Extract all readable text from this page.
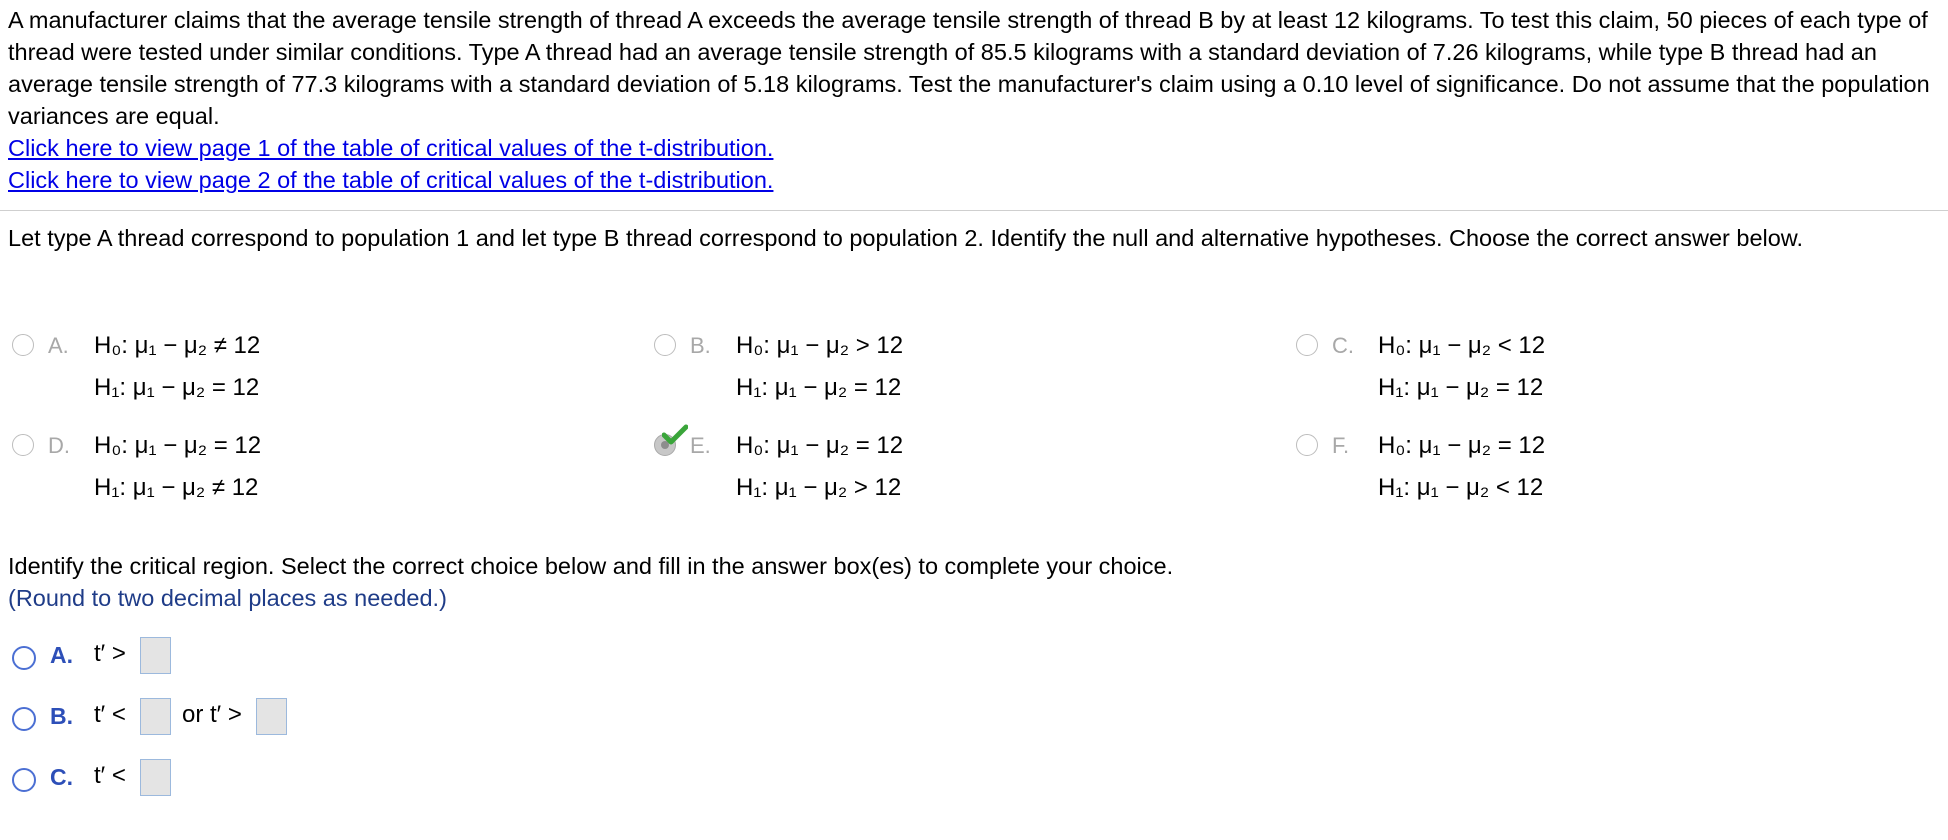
A manufacturer claims that the average tensile strength of thread A exceeds the average tensile strength of thread B by at least 12 kilograms. To test this claim, 50 pieces of each type of thread were tested under similar conditions. Type A thread had an average tensile strength of 85.5 kilograms with a standard deviation of 7.26 kilograms, while type B thread had an average tensile strength of 77.3 kilograms with a standard deviation of 5.18 kilograms. Test the manufacturer's claim using a 0.10 level of significance. Do not assume that the population variances are equal.

Click here to view page 1 of the table of critical values of the t-distribution.
Click here to view page 2 of the table of critical values of the t-distribution.
Let type A thread correspond to population 1 and let type B thread correspond to population 2. Identify the null and alternative hypotheses. Choose the correct answer below.
A. H₀: μ₁ − μ₂ ≠ 12
H₁: μ₁ − μ₂ = 12
B. H₀: μ₁ − μ₂ > 12
H₁: μ₁ − μ₂ = 12
C. H₀: μ₁ − μ₂ < 12
H₁: μ₁ − μ₂ = 12
D. H₀: μ₁ − μ₂ = 12
H₁: μ₁ − μ₂ ≠ 12
E. H₀: μ₁ − μ₂ = 12
H₁: μ₁ − μ₂ > 12
F. H₀: μ₁ − μ₂ = 12
H₁: μ₁ − μ₂ < 12
Identify the critical region. Select the correct choice below and fill in the answer box(es) to complete your choice.
(Round to two decimal places as needed.)
A. t′ >
B. t′ < or t′ >
C. t′ <
